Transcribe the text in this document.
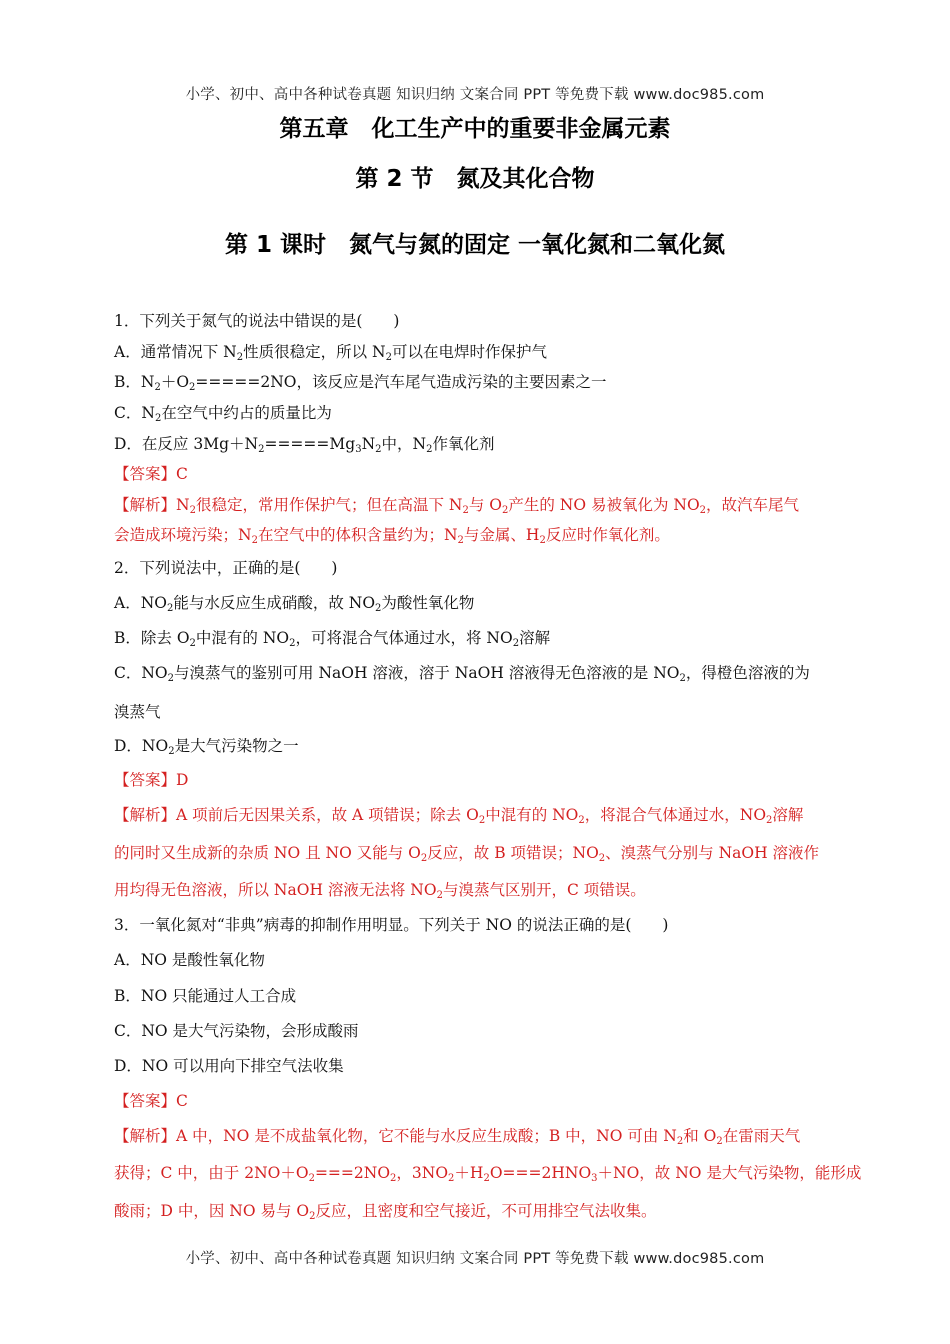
小学、初中、高中各种试卷真题 知识归纳 文案合同 PPT 等免费下载 www.doc985.com
第五章　化工生产中的重要非金属元素
第 2 节　氮及其化合物
第 1 课时　氮气与氮的固定 一氧化氮和二氧化氮
1．下列关于氮气的说法中错误的是(　　)
A．通常情况下 $N_2$性质很稳定，所以 $N_2$可以在电焊时作保护气
B．$N_2+O_2=====2NO$，该反应是汽车尾气造成污染的主要因素之一
C．$N_2$在空气中约占的质量比为
D．在反应 $3Mg+N_2=====Mg_3N_2$中，$N_2$作氧化剂
【答案】C
【解析】$N_2$很稳定，常用作保护气；但在高温下 $N_2$与 $O_2$产生的 NO 易被氧化为 $NO_2$，故汽车尾气
会造成环境污染；$N_2$在空气中的体积含量约为；$N_2$与金属、$H_2$反应时作氧化剂。
2．下列说法中，正确的是(　　)
A．$NO_2$能与水反应生成硝酸，故 $NO_2$为酸性氧化物
B．除去 $O_2$中混有的 $NO_2$，可将混合气体通过水，将 $NO_2$溶解
C．$NO_2$与溴蒸气的鉴别可用 NaOH 溶液，溶于 NaOH 溶液得无色溶液的是 $NO_2$，得橙色溶液的为
溴蒸气
D．$NO_2$是大气污染物之一
【答案】D
【解析】A 项前后无因果关系，故 A 项错误；除去 $O_2$中混有的 $NO_2$，将混合气体通过水，$NO_2$溶解
的同时又生成新的杂质 NO 且 NO 又能与 $O_2$反应，故 B 项错误；$NO_2$、溴蒸气分别与 NaOH 溶液作
用均得无色溶液，所以 NaOH 溶液无法将 $NO_2$与溴蒸气区别开，C 项错误。
3．一氧化氮对“非典”病毒的抑制作用明显。下列关于 NO 的说法正确的是(　　)
A．NO 是酸性氧化物
B．NO 只能通过人工合成
C．NO 是大气污染物，会形成酸雨
D．NO 可以用向下排空气法收集
【答案】C
【解析】A 中，NO 是不成盐氧化物，它不能与水反应生成酸；B 中，NO 可由 $N_2$和 $O_2$在雷雨天气
获得；C 中，由于 $2NO+O_2===2NO_2$，$3NO_2+H_2O===2HNO_3+NO$，故 NO 是大气污染物，能形成
酸雨；D 中，因 NO 易与 $O_2$反应，且密度和空气接近，不可用排空气法收集。
小学、初中、高中各种试卷真题 知识归纳 文案合同 PPT 等免费下载 www.doc985.com
